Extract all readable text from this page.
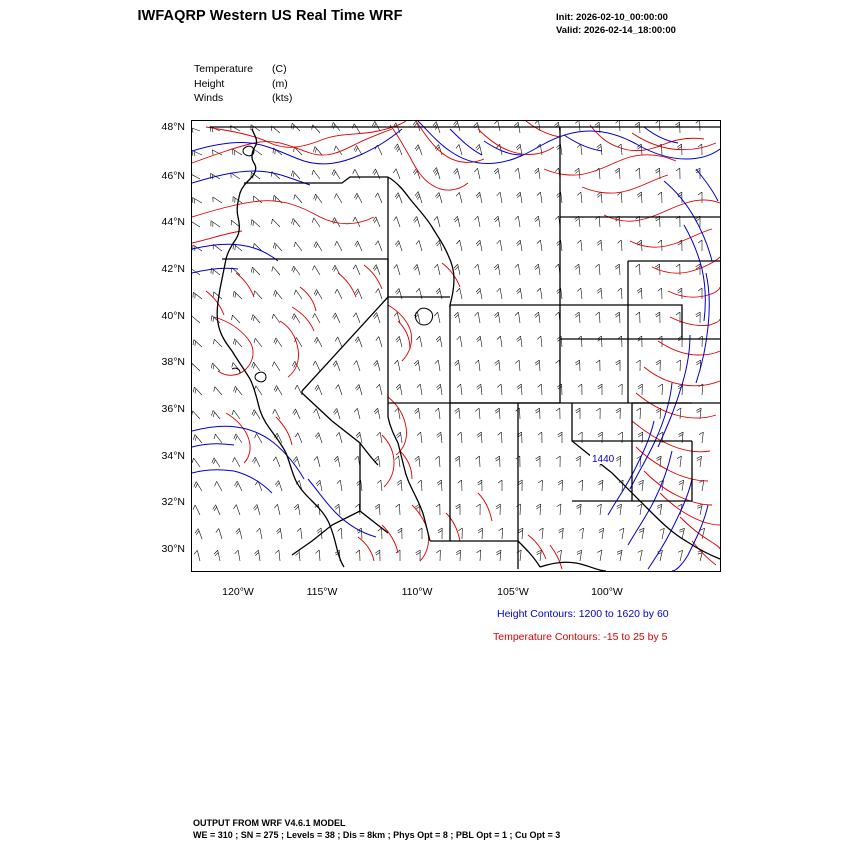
IWFAQRP Western US Real Time WRF	Init: 2026-02-10_00:00:00
Valid: 2026-02-14_18:00:00
Temperature (C)
Height	(m)
Winds	(kts)
48°N
46°N
44°N
42°N
40°N
38°N
36°N
34°N
32°N
30°N
120°W	115°W	110°W	105°W	100°W
1440
Height Contours: 1200 to 1620 by 60
Temperature Contours: -15 to 25 by 5
OUTPUT FROM WRF V4.6.1 MODEL
WE = 310 ; SN = 275 ; Levels = 38 ; Dis = 8km ; Phys Opt = 8 ; PBL Opt = 1 ; Cu Opt = 3
